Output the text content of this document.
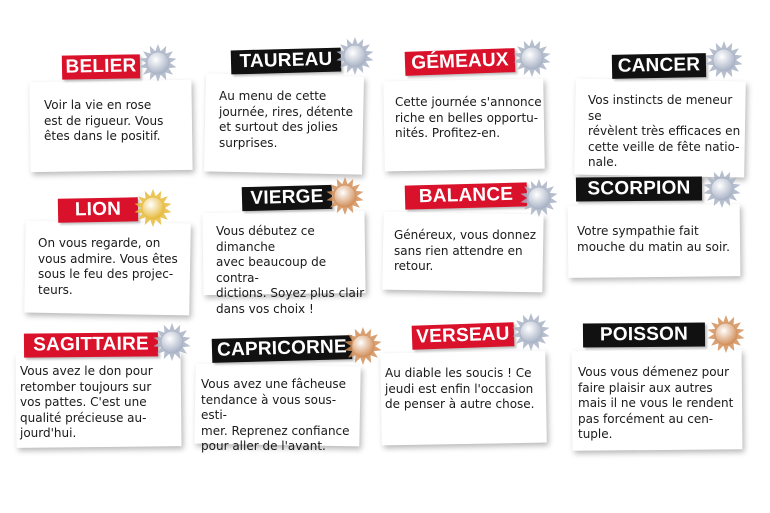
Voir la vie en rose
est de rigueur. Vous
êtes dans le positif.
BELIER
Au menu de cette
journée, rires, détente
et surtout des jolies
surprises.
TAUREAU
Cette journée s'annonce
riche en belles opportu-
nités. Profitez-en.
GÉMEAUX
Vos instincts de meneur se
révèlent très efficaces en
cette veille de fête natio-
nale.
CANCER
On vous regarde, on
vous admire. Vous êtes
sous le feu des projec-
teurs.
LION
Vous débutez ce dimanche
avec beaucoup de contra-
dictions. Soyez plus clair
dans vos choix !
VIERGE
Généreux, vous donnez
sans rien attendre en
retour.
BALANCE
Votre sympathie fait
mouche du matin au soir.
SCORPION
Vous avez le don pour
retomber toujours sur
vos pattes. C'est une
qualité précieuse au-
jourd'hui.
SAGITTAIRE
Vous avez une fâcheuse
tendance à vous sous-esti-
mer. Reprenez confiance
pour aller de l'avant.
CAPRICORNE
Au diable les soucis ! Ce
jeudi est enfin l'occasion
de penser à autre chose.
VERSEAU
Vous vous démenez pour
faire plaisir aux autres
mais il ne vous le rendent
pas forcément au cen-
tuple.
POISSON
